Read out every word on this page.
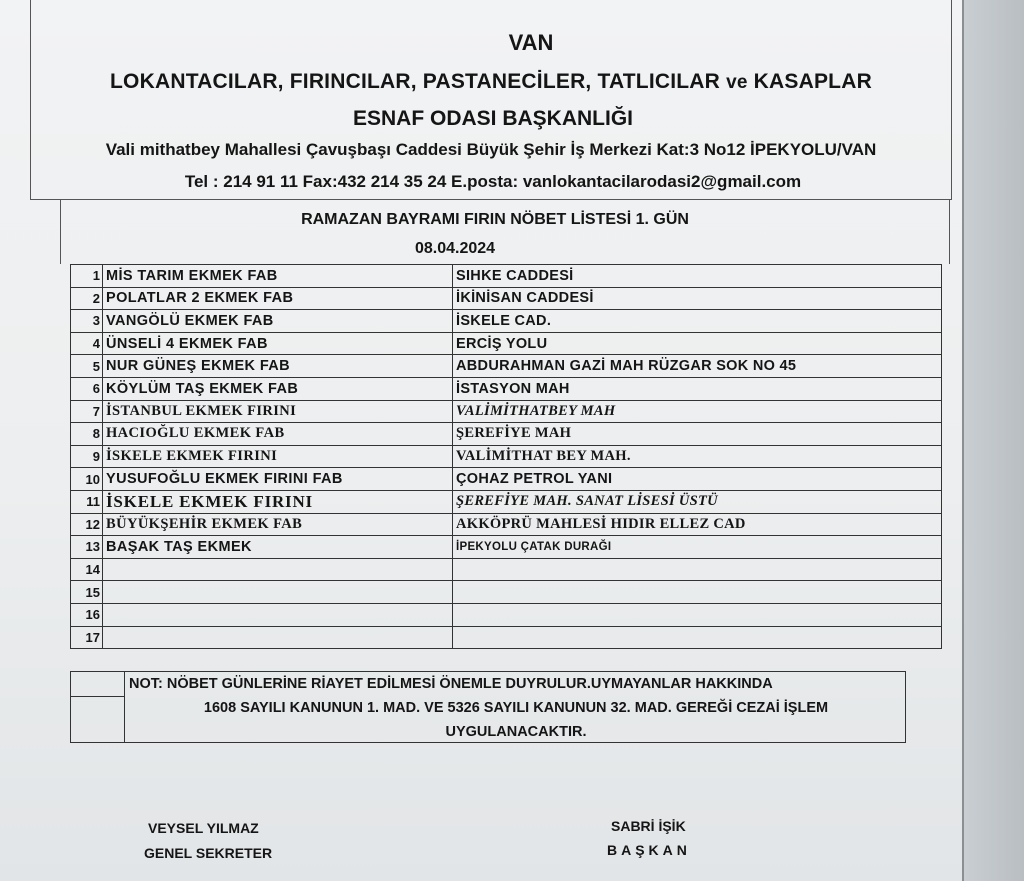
VAN
LOKANTACILAR, FIRINCILAR, PASTANECİLER, TATLICILAR ve KASAPLAR
ESNAF ODASI BAŞKANLIĞI
Vali mithatbey Mahallesi Çavuşbaşı Caddesi Büyük Şehir İş Merkezi Kat:3 No12 İPEKYOLU/VAN
Tel : 214 91 11 Fax:432 214 35 24 E.posta: vanlokantacilarodasi2@gmail.com
RAMAZAN BAYRAMI FIRIN NÖBET LİSTESİ 1. GÜN
08.04.2024
1	MİS TARIM EKMEK FAB	SIHKE CADDESİ
2	POLATLAR 2 EKMEK FAB	İKİNİSAN CADDESİ
3	VANGÖLÜ EKMEK FAB	İSKELE CAD.
4	ÜNSELİ 4 EKMEK FAB	ERCİŞ YOLU
5	NUR GÜNEŞ EKMEK FAB	ABDURAHMAN GAZİ MAH RÜZGAR SOK NO 45
6	KÖYLÜM TAŞ EKMEK FAB	İSTASYON MAH
7	İSTANBUL EKMEK FIRINI	VALİMİTHATBEY MAH
8	HACIOĞLU EKMEK FAB	ŞEREFİYE MAH
9	İSKELE EKMEK FIRINI	VALİMİTHAT BEY MAH.
10	YUSUFOĞLU EKMEK FIRINI FAB	ÇOHAZ PETROL YANI
11	İSKELE EKMEK FIRINI	ŞEREFİYE MAH. SANAT LİSESİ ÜSTÜ
12	BÜYÜKŞEHİR EKMEK FAB	AKKÖPRÜ MAHLESİ HIDIR ELLEZ CAD
13	BAŞAK TAŞ EKMEK	İPEKYOLU ÇATAK DURAĞI
14		
15		
16		
17		
NOT: NÖBET GÜNLERİNE RİAYET EDİLMESİ ÖNEMLE DUYRULUR.UYMAYANLAR HAKKINDA
1608 SAYILI KANUNUN 1. MAD. VE 5326 SAYILI KANUNUN 32. MAD. GEREĞİ CEZAİ İŞLEM
UYGULANACAKTIR.
VEYSEL YILMAZ
GENEL SEKRETER
SABRİ İŞİK
BAŞKAN
